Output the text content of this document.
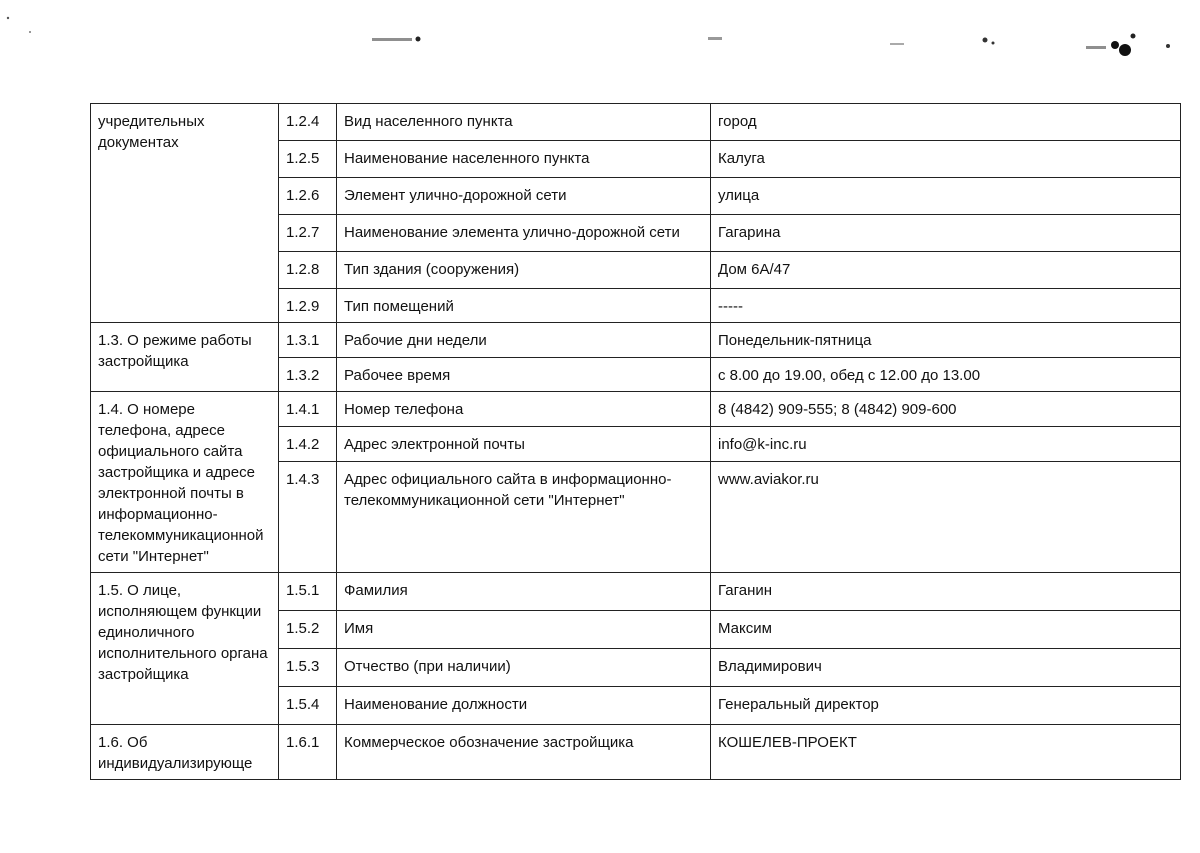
учредительных документах	1.2.4	Вид населенного пункта	город
	1.2.5	Наименование населенного пункта	Калуга
	1.2.6	Элемент улично-дорожной сети	улица
	1.2.7	Наименование элемента улично-дорожной сети	Гагарина
	1.2.8	Тип здания (сооружения)	Дом 6А/47
	1.2.9	Тип помещений	-----
1.3. О режиме работы застройщика	1.3.1	Рабочие дни недели	Понедельник-пятница
	1.3.2	Рабочее время	с 8.00 до 19.00, обед с 12.00 до 13.00
1.4. О номере телефона, адресе официального сайта застройщика и адресе электронной почты в информационно-телекоммуникационной сети "Интернет"	1.4.1	Номер телефона	8 (4842) 909-555; 8 (4842) 909-600
	1.4.2	Адрес электронной почты	info@k-inc.ru
	1.4.3	Адрес официального сайта в информационно-телекоммуникационной сети "Интернет"	www.aviakor.ru
1.5. О лице, исполняющем функции единоличного исполнительного органа застройщика	1.5.1	Фамилия	Гаганин
	1.5.2	Имя	Максим
	1.5.3	Отчество (при наличии)	Владимирович
	1.5.4	Наименование должности	Генеральный директор
1.6. Об индивидуализирующе	1.6.1	Коммерческое обозначение застройщика	КОШЕЛЕВ-ПРОЕКТ
